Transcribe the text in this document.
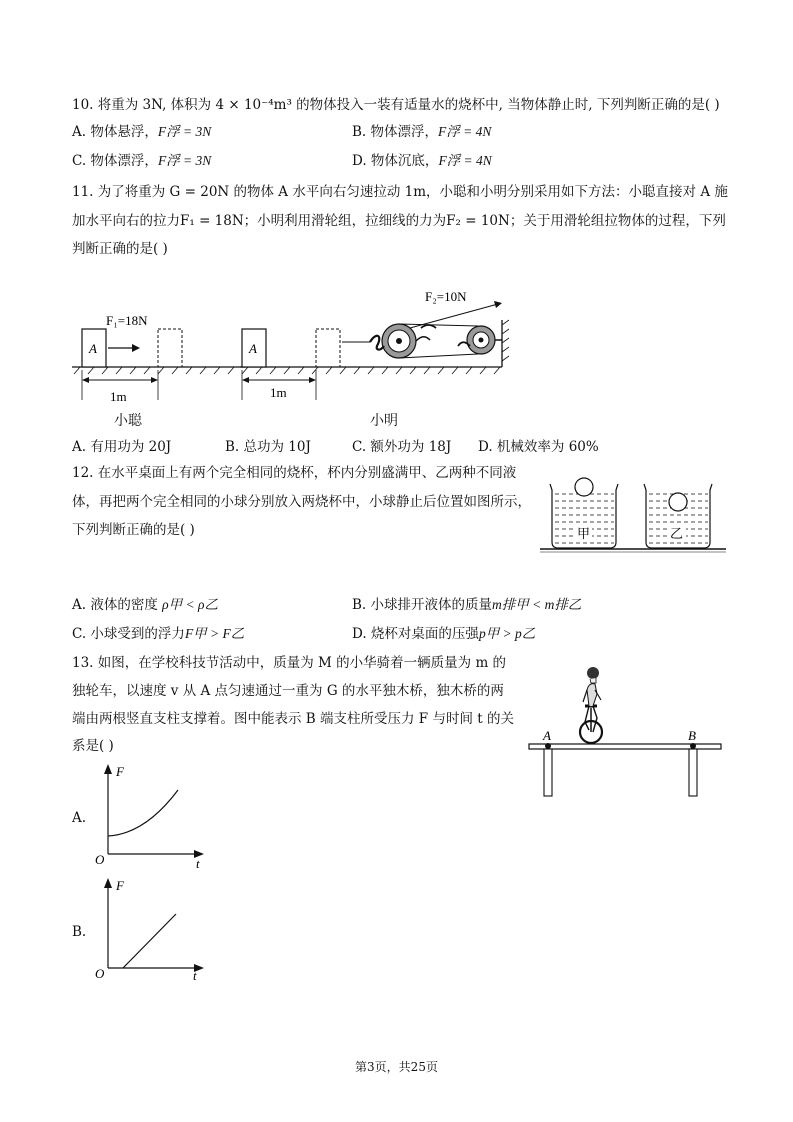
10. 将重为 3N, 体积为 4 × 10⁻⁴m³ 的物体投入一装有适量水的烧杯中, 当物体静止时, 下列判断正确的是( )
A. 物体悬浮，F浮 = 3N	B. 物体漂浮，F浮 = 4N
C. 物体漂浮，F浮 = 3N	D. 物体沉底，F浮 = 4N
11. 为了将重为 G = 20N 的物体 A 水平向右匀速拉动 1m，小聪和小明分别采用如下方法：小聪直接对 A 施
加水平向右的拉力F₁ = 18N；小明利用滑轮组，拉细线的力为F₂ = 10N；关于用滑轮组拉物体的过程，下列
判断正确的是( )
A
F₁=18N
1m
A
F₂=10N
1m
小聪	小明
A. 有用功为 20J	B. 总功为 10J	C. 额外功为 18J D. 机械效率为 60%
12. 在水平桌面上有两个完全相同的烧杯，杯内分别盛满甲、乙两种不同液
体，再把两个完全相同的小球分别放入两烧杯中，小球静止后位置如图所示，
下列判断正确的是( )	甲	乙
A. 液体的密度 ρ甲 < ρ乙	B. 小球排开液体的质量m排甲 < m排乙
C. 小球受到的浮力F甲 > F乙	D. 烧杯对桌面的压强p甲 > p乙
13. 如图，在学校科技节活动中，质量为 M 的小华骑着一辆质量为 m 的
独轮车，以速度 v 从 A 点匀速通过一重为 G 的水平独木桥，独木桥的两
端由两根竖直支柱支撑着。图中能表示 B 端支柱所受压力 F 与时间 t 的关
系是( )
A	B
A.
F
O	t
B.
F
O	t
第3页，共25页
